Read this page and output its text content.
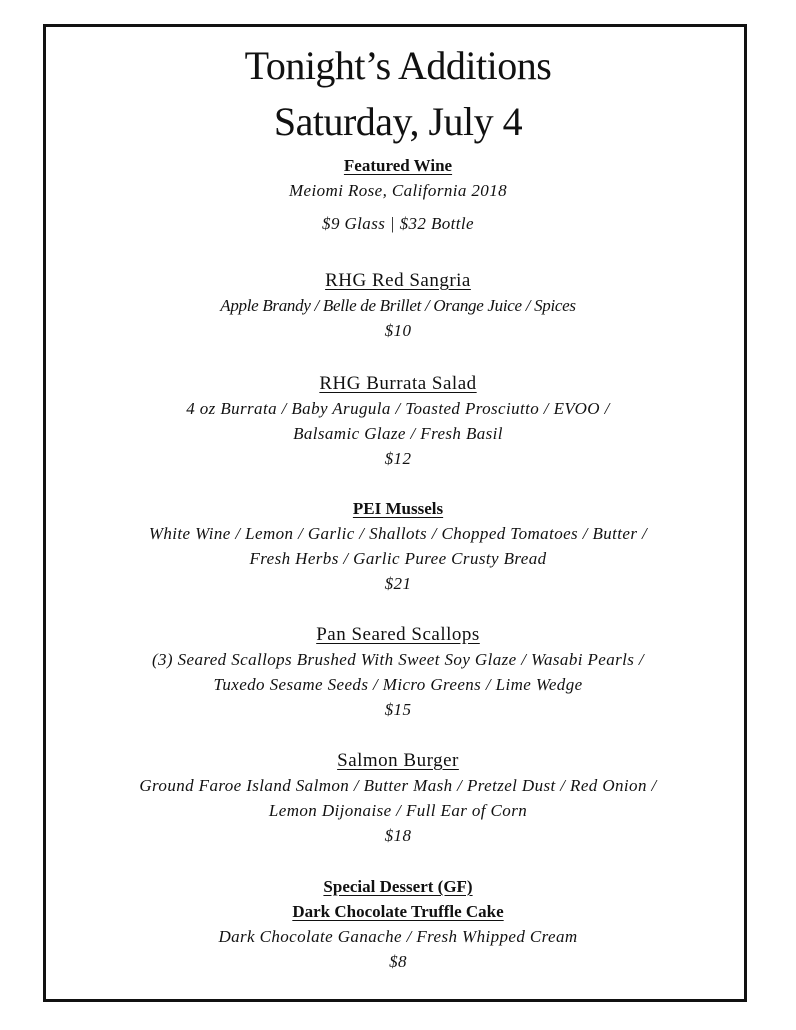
Tonight’s Additions
Saturday, July 4
Featured Wine
Meiomi Rose, California 2018
$9 Glass | $32 Bottle
RHG Red Sangria
Apple Brandy / Belle de Brillet / Orange Juice / Spices
$10
RHG Burrata Salad
4 oz Burrata / Baby Arugula / Toasted Prosciutto / EVOO /
Balsamic Glaze / Fresh Basil
$12
PEI Mussels
White Wine / Lemon / Garlic / Shallots / Chopped Tomatoes / Butter /
Fresh Herbs / Garlic Puree Crusty Bread
$21
Pan Seared Scallops
(3) Seared Scallops Brushed With Sweet Soy Glaze / Wasabi Pearls /
Tuxedo Sesame Seeds / Micro Greens / Lime Wedge
$15
Salmon Burger
Ground Faroe Island Salmon / Butter Mash / Pretzel Dust / Red Onion /
Lemon Dijonaise / Full Ear of Corn
$18
Special Dessert (GF)
Dark Chocolate Truffle Cake
Dark Chocolate Ganache / Fresh Whipped Cream
$8
